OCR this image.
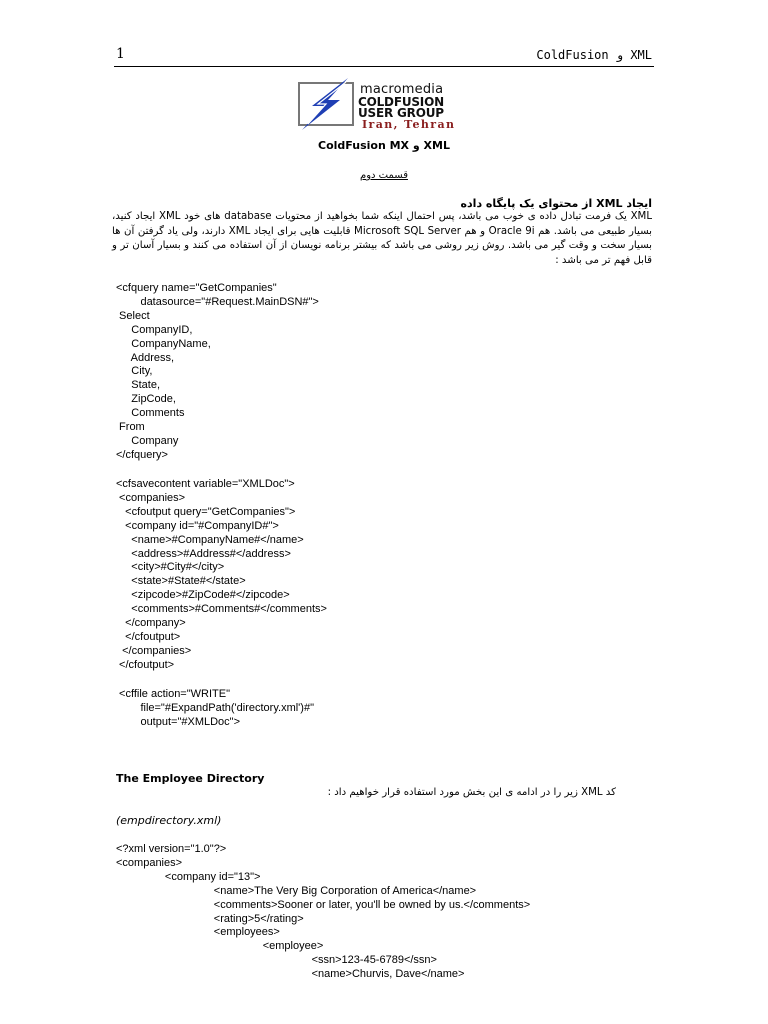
1	XML و ColdFusion
macromedia
COLDFUSION
USER GROUP
Iran, Tehran
ColdFusion MX و XML
قسمت دوم
ایجاد XML از محتوای یک پایگاه داده
XML یک فرمت تبادل داده ی خوب می باشد، پس احتمال اینکه شما بخواهید از محتویات database های خود XML ایجاد کنید، بسیار طبیعی می باشد. هم Oracle 9i و هم Microsoft SQL Server قابلیت هایی برای ایجاد XML دارند، ولی یاد گرفتن آن ها بسیار سخت و وقت گیر می باشد. روش زیر روشی می باشد که بیشتر برنامه نویسان از آن استفاده می کنند و بسیار آسان تر و قابل فهم تر می باشد :
<cfquery name="GetCompanies"
datasource="#Request.MainDSN#">
Select
CompanyID,
CompanyName,
Address,
City,
State,
ZipCode,
Comments
From
Company
</cfquery>
<cfsavecontent variable="XMLDoc">
<companies>
<cfoutput query="GetCompanies">
<company id="#CompanyID#">
<name>#CompanyName#</name>
<address>#Address#</address>
<city>#City#</city>
<state>#State#</state>
<zipcode>#ZipCode#</zipcode>
<comments>#Comments#</comments>
</company>
</cfoutput>
</companies>
</cfoutput>
<cffile action="WRITE"
file="#ExpandPath('directory.xml')#"
output="#XMLDoc">
The Employee Directory
کد XML زیر را در ادامه ی این بخش مورد استفاده قرار خواهیم داد :
(empdirectory.xml)
<?xml version="1.0"?>
<companies>
<company id="13">
<name>The Very Big Corporation of America</name>
<comments>Sooner or later, you'll be owned by us.</comments>
<rating>5</rating>
<employees>
<employee>
<ssn>123-45-6789</ssn>
<name>Churvis, Dave</name>
